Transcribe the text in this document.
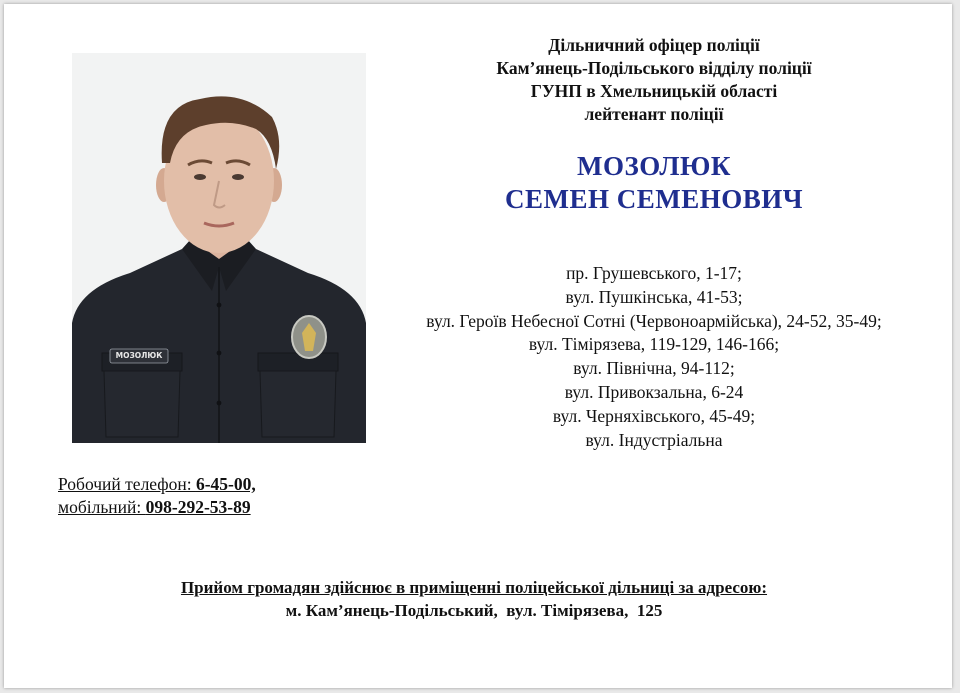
МОЗОЛЮК
Дільничний офіцер поліції
Кам’янець-Подільського відділу поліції
ГУНП в Хмельницькій області
лейтенант поліції
МОЗОЛЮК
СЕМЕН СЕМЕНОВИЧ
пр. Грушевського, 1-17;
вул. Пушкінська, 41-53;
вул. Героїв Небесної Сотні (Червоноармійська), 24-52, 35-49;
вул. Тімірязева, 119-129, 146-166;
вул. Північна, 94-112;
вул. Привокзальна, 6-24
вул. Черняхівського, 45-49;
вул. Індустріальна
Робочий телефон: 6-45-00,
мобільний: 098-292-53-89
Прийом громадян здійснює в приміщенні поліцейської дільниці за адресою:
м. Кам’янець-Подільський,  вул. Тімірязева,  125
